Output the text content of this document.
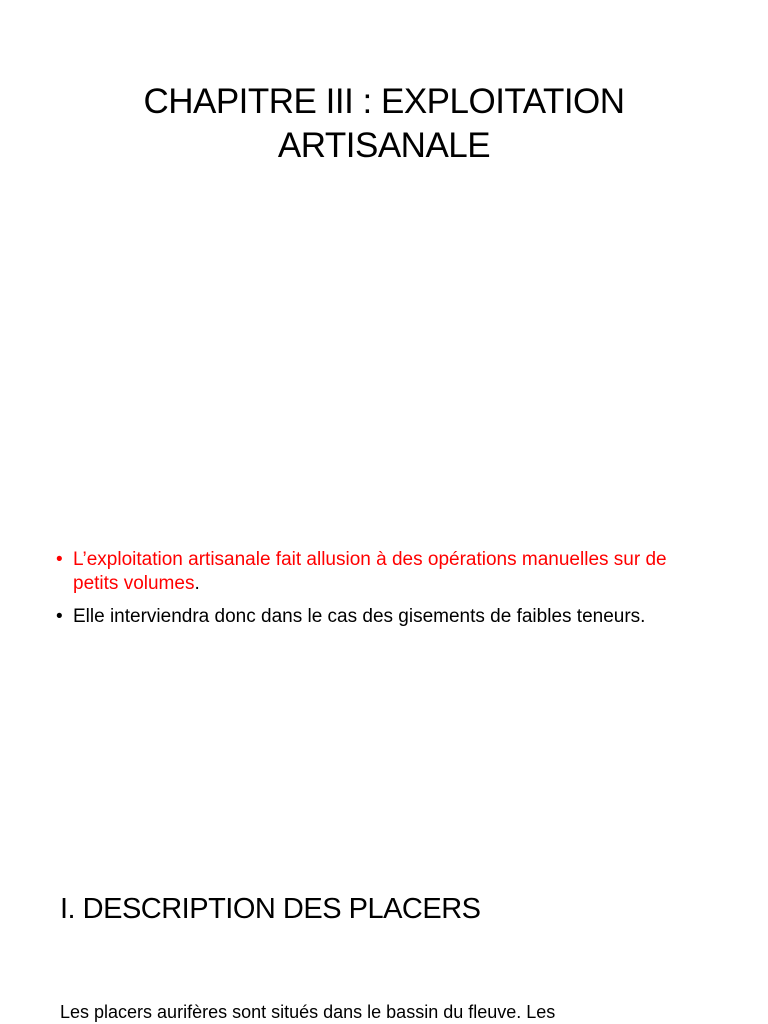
CHAPITRE III : EXPLOITATION
ARTISANALE
• L’exploitation artisanale fait allusion à des opérations manuelles sur de petits volumes.
• Elle interviendra donc dans le cas des gisements de faibles teneurs.
I. DESCRIPTION DES PLACERS

Les placers aurifères sont situés dans le bassin du fleuve. Les
